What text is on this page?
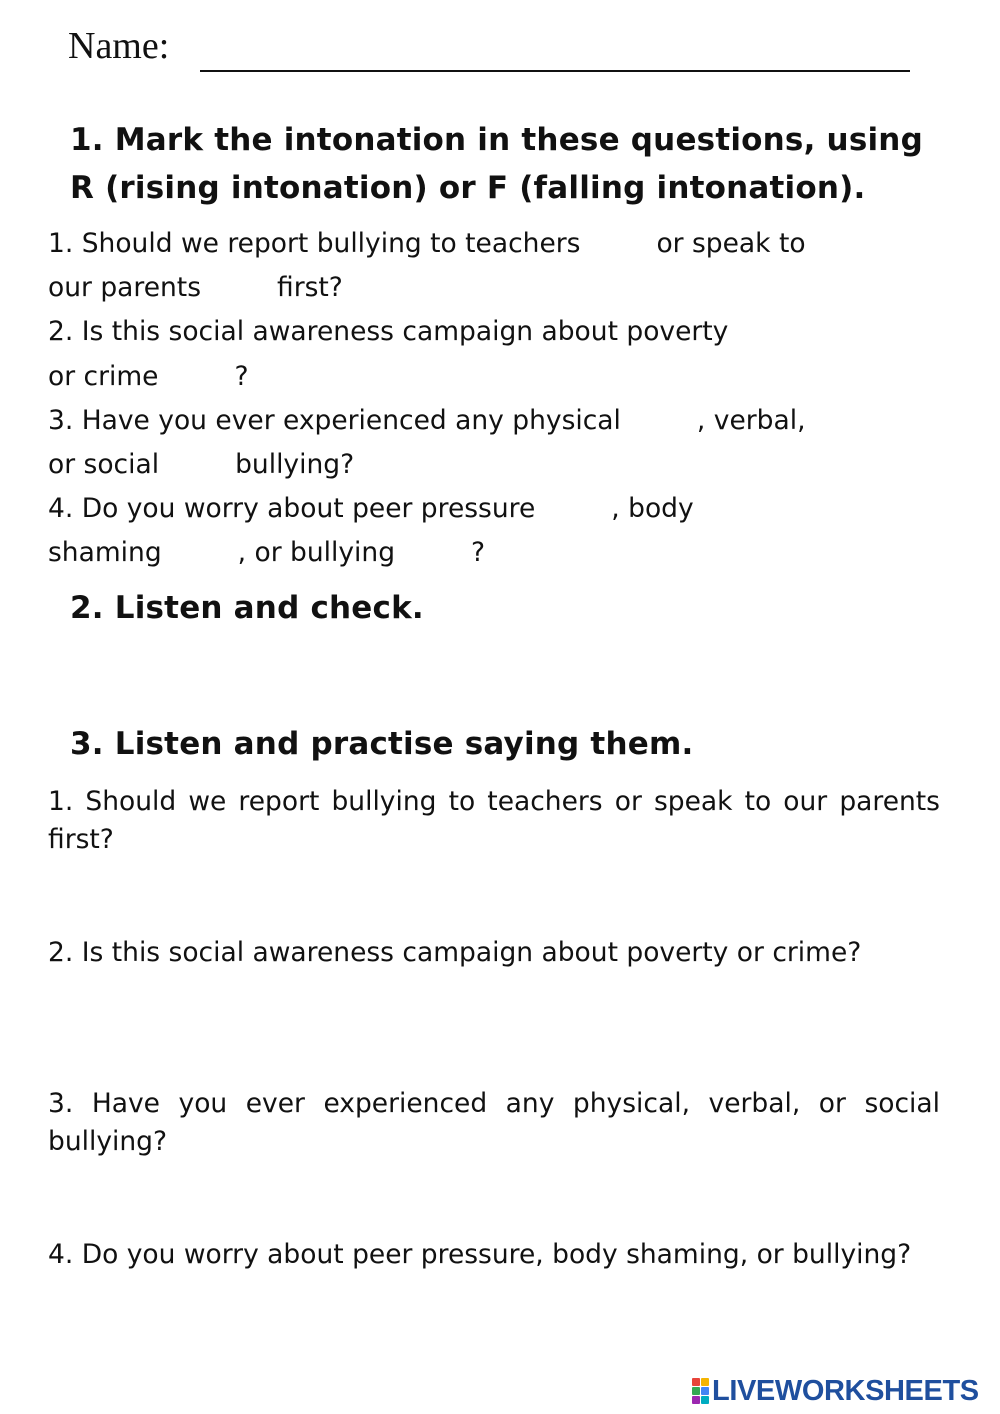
Name:
1. Mark the intonation in these questions, using
R (rising intonation) or F (falling intonation).
1. Should we report bullying to teachers	or speak to
our parents	first?
2. Is this social awareness campaign about poverty
or crime	?
3. Have you ever experienced any physical	, verbal,
or social	bullying?
4. Do you worry about peer pressure	, body
shaming	, or bullying	?
2. Listen and check.
3. Listen and practise saying them.
1. Should we report bullying to teachers or speak to our parents first?
2. Is this social awareness campaign about poverty or crime?
3. Have you ever experienced any physical, verbal, or social bullying?
4. Do you worry about peer pressure, body shaming, or bullying?
LIVEWORKSHEETS
